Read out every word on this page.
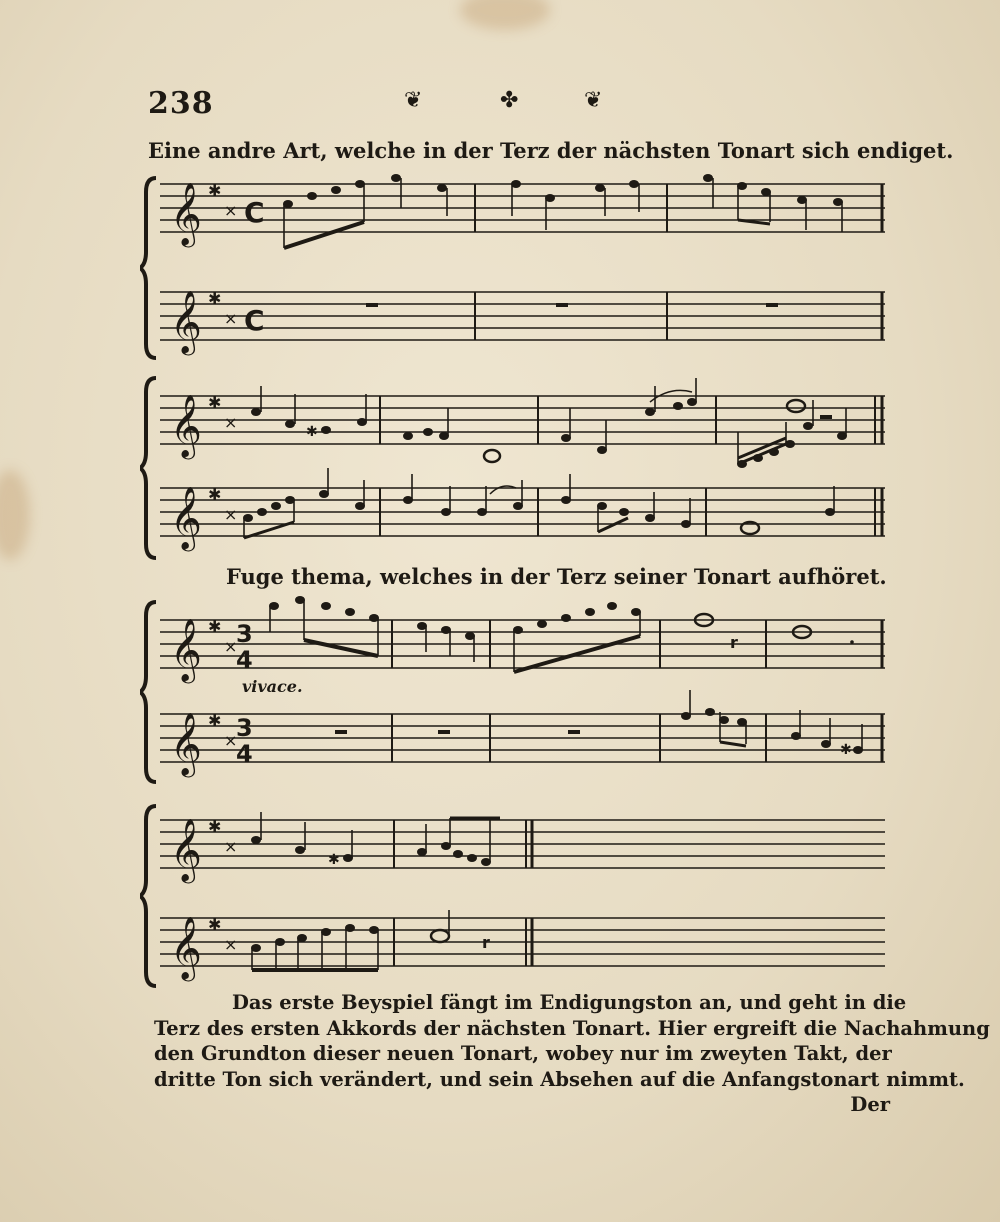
238	❦	✤	❦
Eine andre Art, welche in der Terz der nächsten Tonart sich endiget.
𝄞
𝄞
✱
×
✱
×
C
C
𝄞
𝄞
✱
×
✱
×
✱
Fuge thema, welches in der Terz seiner Tonart aufhöret.
𝄞
𝄞
✱
×
✱
×
3
4
3
4
vivace.
✱
r
𝄞
𝄞
✱
×
✱
×
✱
r
Das erste Beyspiel fängt im Endigungston an, und geht in die
Terz des ersten Akkords der nächsten Tonart. Hier ergreift die Nachahmung
den Grundton dieser neuen Tonart, wobey nur im zweyten Takt, der
dritte Ton sich verändert, und sein Absehen auf die Anfangstonart nimmt.
Der
